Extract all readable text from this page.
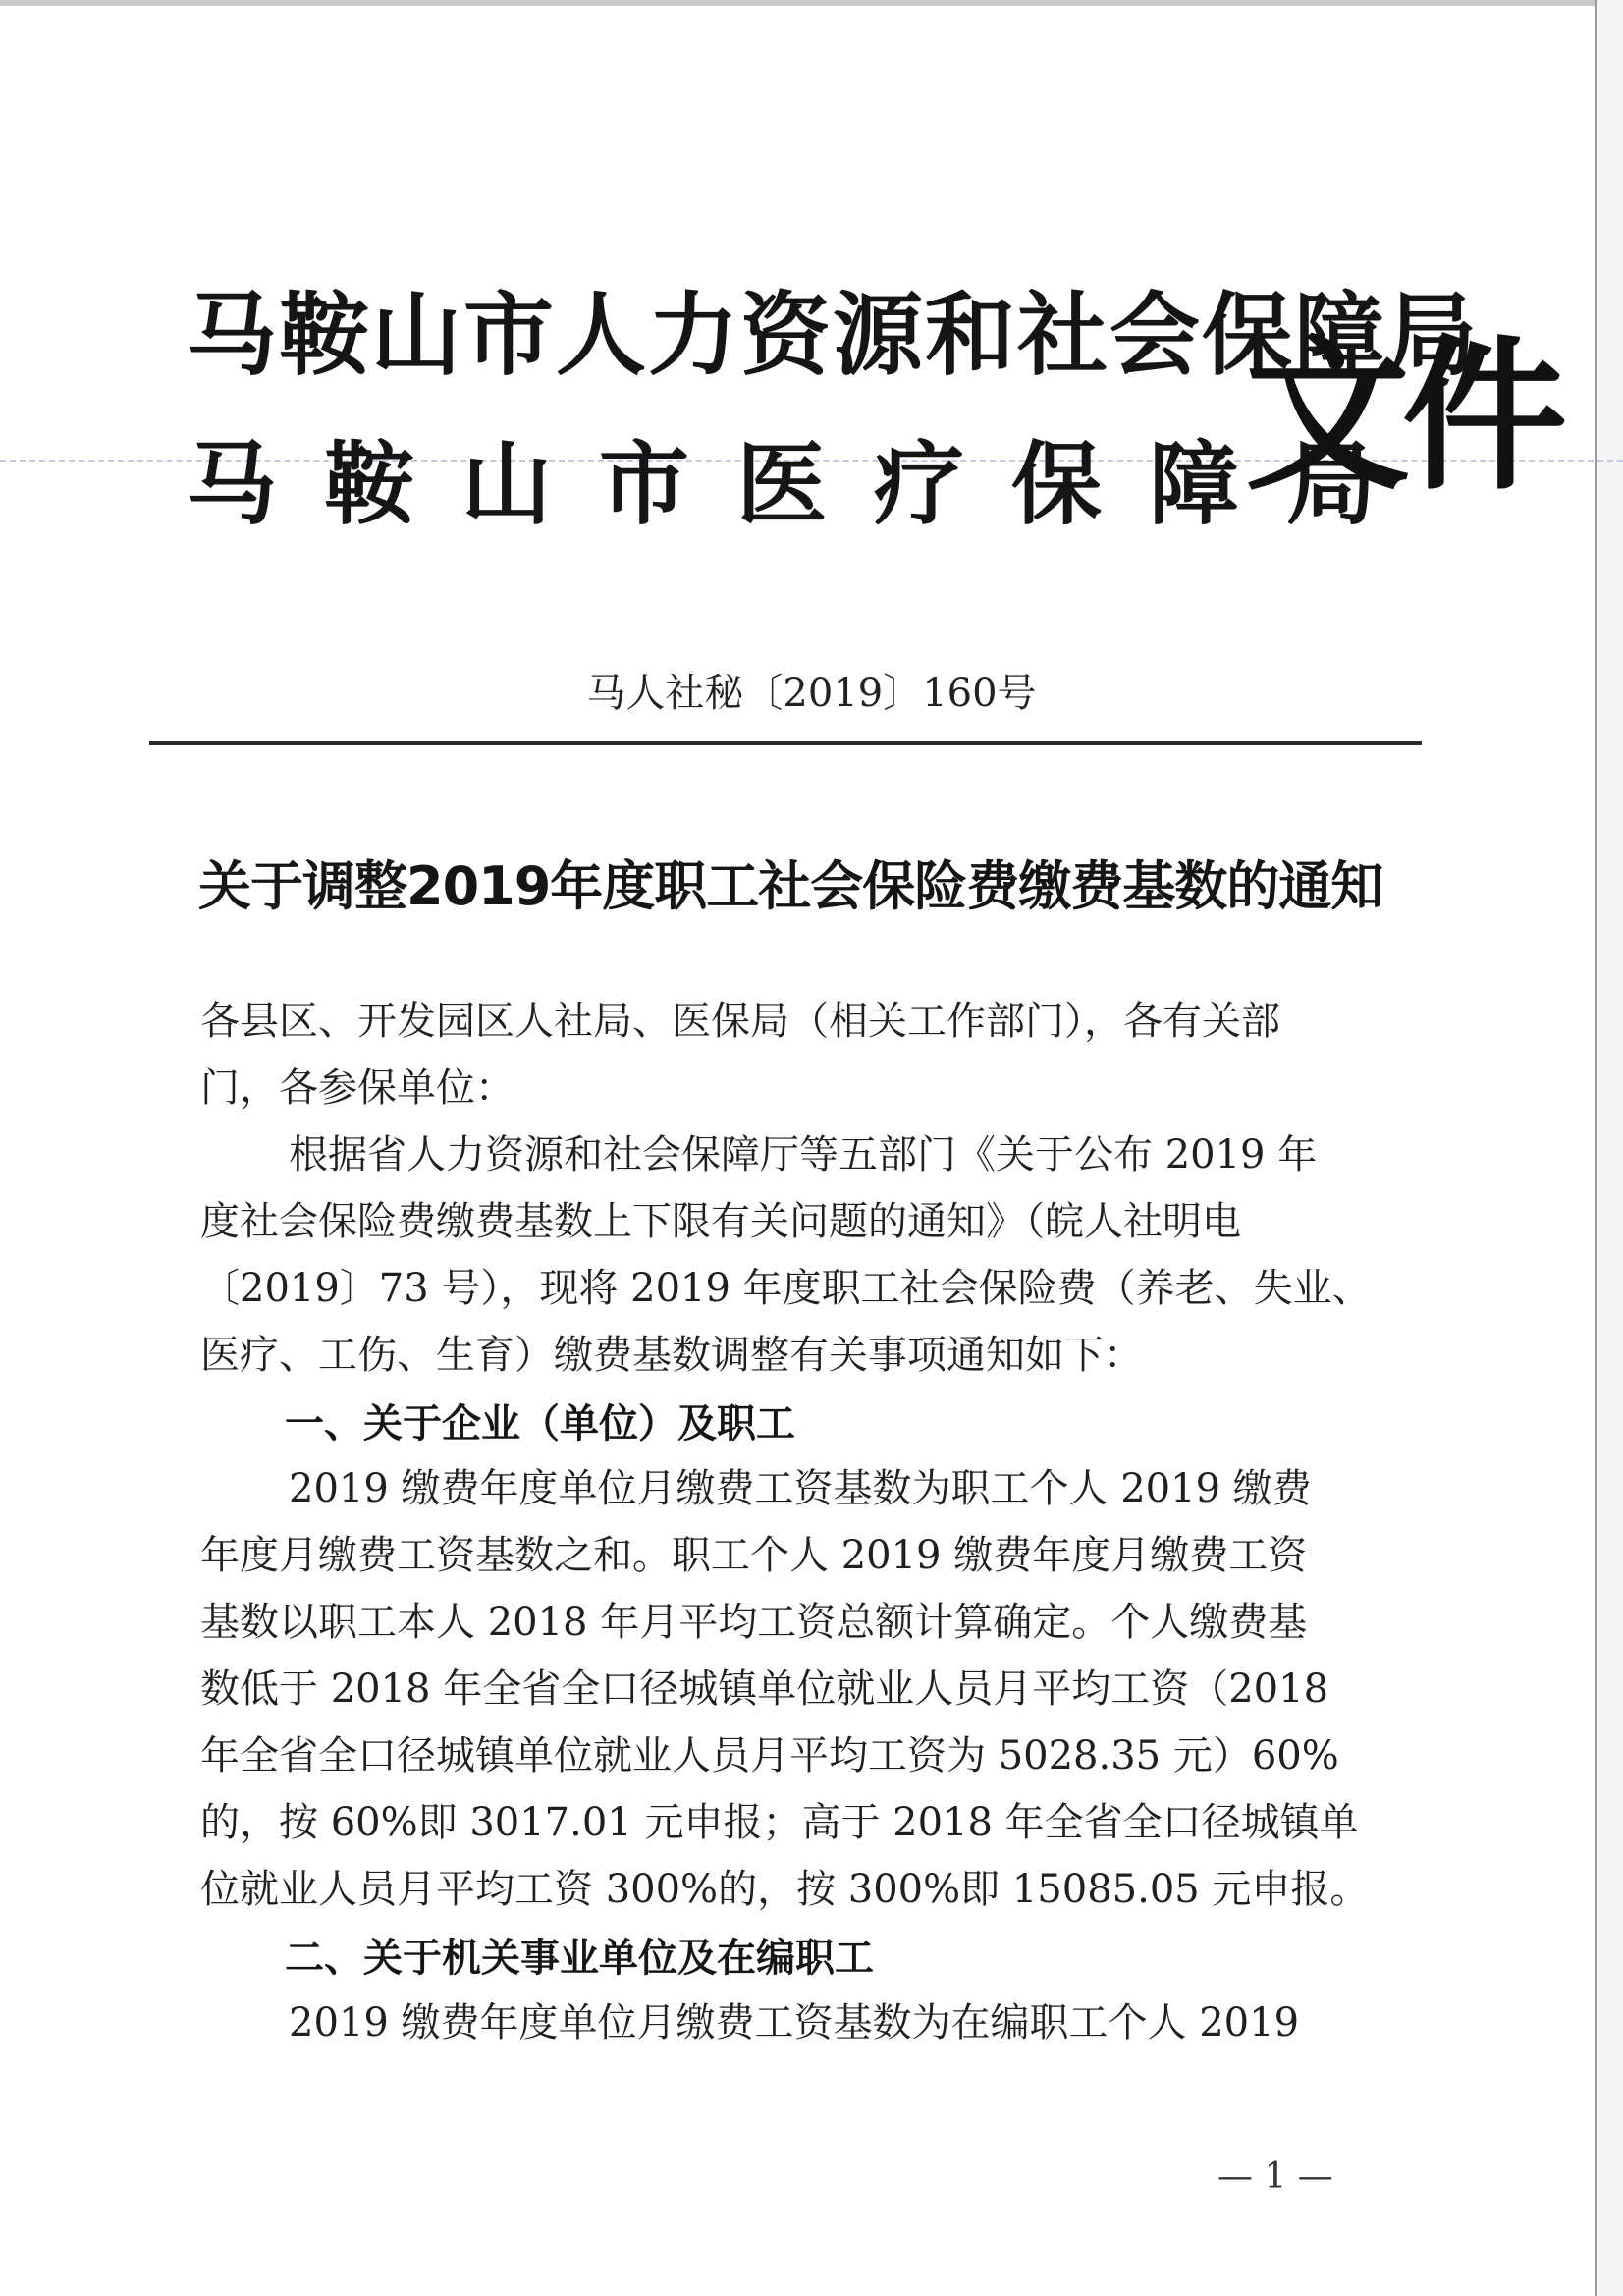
马鞍山市人力资源和社会保障局
马鞍山市医疗保障局
文件
马人社秘〔2019〕160号
关于调整2019年度职工社会保险费缴费基数的通知
各县区、开发园区人社局、医保局（相关工作部门），各有关部
门，各参保单位：
根据省人力资源和社会保障厅等五部门《关于公布 2019 年
度社会保险费缴费基数上下限有关问题的通知》（皖人社明电
〔2019〕73 号），现将 2019 年度职工社会保险费（养老、失业、
医疗、工伤、生育）缴费基数调整有关事项通知如下：
一、关于企业（单位）及职工
2019 缴费年度单位月缴费工资基数为职工个人 2019 缴费
年度月缴费工资基数之和。职工个人 2019 缴费年度月缴费工资
基数以职工本人 2018 年月平均工资总额计算确定。个人缴费基
数低于 2018 年全省全口径城镇单位就业人员月平均工资（2018
年全省全口径城镇单位就业人员月平均工资为 5028.35 元）60%
的，按 60%即 3017.01 元申报；高于 2018 年全省全口径城镇单
位就业人员月平均工资 300%的，按 300%即 15085.05 元申报。
二、关于机关事业单位及在编职工
2019 缴费年度单位月缴费工资基数为在编职工个人 2019
— 1 —
